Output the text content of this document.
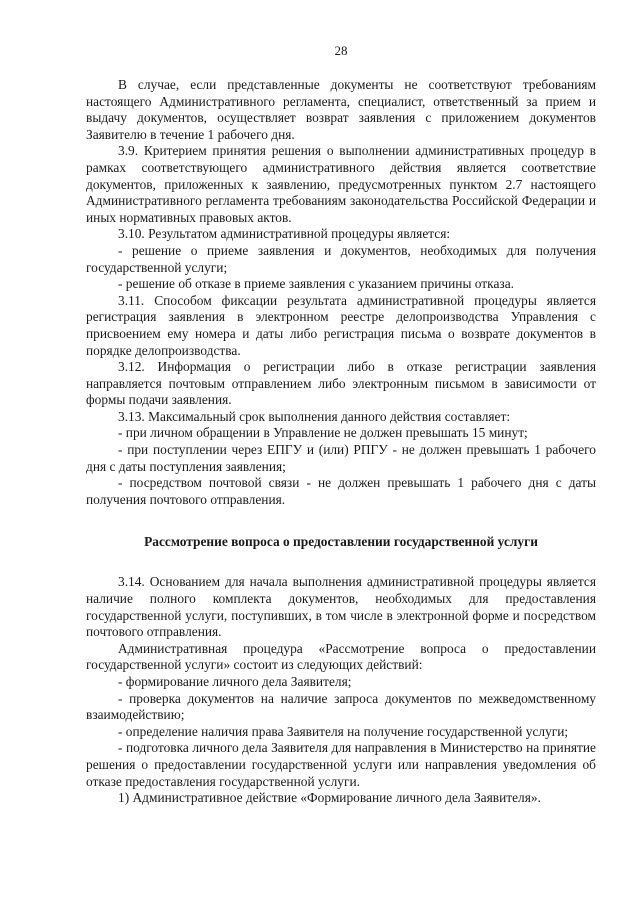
28

В случае, если представленные документы не соответствуют требованиям настоящего Административного регламента, специалист, ответственный за прием и выдачу документов, осуществляет возврат заявления с приложением документов Заявителю в течение 1 рабочего дня.

3.9. Критерием принятия решения о выполнении административных процедур в рамках соответствующего административного действия является соответствие документов, приложенных к заявлению, предусмотренных пунктом 2.7 настоящего Административного регламента требованиям законодательства Российской Федерации и иных нормативных правовых актов.

3.10. Результатом административной процедуры является:

- решение о приеме заявления и документов, необходимых для получения государственной услуги;

- решение об отказе в приеме заявления с указанием причины отказа.

3.11. Способом фиксации результата административной процедуры является регистрация заявления в электронном реестре делопроизводства Управления с присвоением ему номера и даты либо регистрация письма о возврате документов в порядке делопроизводства.

3.12. Информация о регистрации либо в отказе регистрации заявления направляется почтовым отправлением либо электронным письмом в зависимости от формы подачи заявления.

3.13. Максимальный срок выполнения данного действия составляет:

- при личном обращении в Управление не должен превышать 15 минут;

- при поступлении через ЕПГУ и (или) РПГУ - не должен превышать 1 рабочего дня с даты поступления заявления;

- посредством почтовой связи - не должен превышать 1 рабочего дня с даты получения почтового отправления.

Рассмотрение вопроса о предоставлении государственной услуги

3.14. Основанием для начала выполнения административной процедуры является наличие полного комплекта документов, необходимых для предоставления государственной услуги, поступивших, в том числе в электронной форме и посредством почтового отправления.

Административная процедура «Рассмотрение вопроса о предоставлении государственной услуги» состоит из следующих действий:

- формирование личного дела Заявителя;

- проверка документов на наличие запроса документов по межведомственному взаимодействию;

- определение наличия права Заявителя на получение государственной услуги;

- подготовка личного дела Заявителя для направления в Министерство на принятие решения о предоставлении государственной услуги или направления уведомления об отказе предоставления государственной услуги.

1) Административное действие «Формирование личного дела Заявителя».
